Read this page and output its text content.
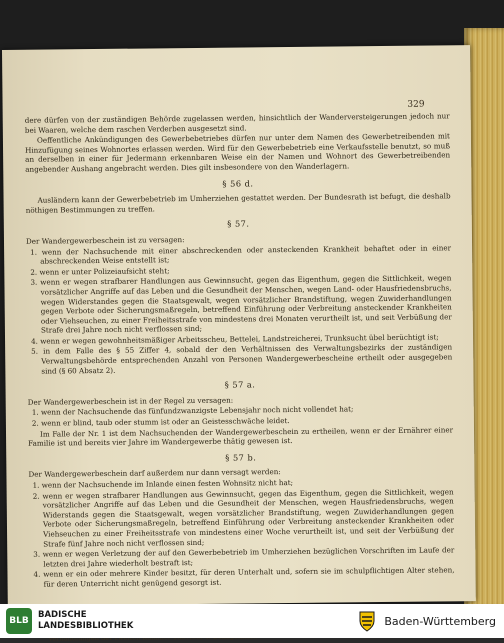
329

dere dürfen von der zuständigen Behörde zugelassen werden, hinsichtlich der Wanderversteigerungen jedoch nur bei Waaren, welche dem raschen Verderben ausgesetzt sind.

Oeffentliche Ankündigungen des Gewerbebetriebes dürfen nur unter dem Namen des Gewerbetreibenden mit Hinzufügung seines Wohnortes erlassen werden. Wird für den Gewerbebetrieb eine Verkaufsstelle benutzt, so muß an derselben in einer für Jedermann erkennbaren Weise ein der Namen und Wohnort des Gewerbetreibenden angebender Aushang angebracht werden. Dies gilt insbesondere von den Wanderlagern.

§ 56 d.

Ausländern kann der Gewerbebetrieb im Umherziehen gestattet werden. Der Bundesrath ist befugt, die deshalb nöthigen Bestimmungen zu treffen.

§ 57.

Der Wandergewerbeschein ist zu versagen:

1. wenn der Nachsuchende mit einer abschreckenden oder ansteckenden Krankheit behaftet oder in einer abschreckenden Weise entstellt ist;

2. wenn er unter Polizeiaufsicht steht;

3. wenn er wegen strafbarer Handlungen aus Gewinnsucht, gegen das Eigenthum, gegen die Sittlichkeit, wegen vorsätzlicher Angriffe auf das Leben und die Gesundheit der Menschen, wegen Land- oder Hausfriedensbruchs, wegen Widerstandes gegen die Staatsgewalt, wegen vorsätzlicher Brandstiftung, wegen Zuwiderhandlungen gegen Verbote oder Sicherungsmaßregeln, betreffend Einführung oder Verbreitung ansteckender Krankheiten oder Viehseuchen, zu einer Freiheitsstrafe von mindestens drei Monaten verurtheilt ist, und seit Verbüßung der Strafe drei Jahre noch nicht verflossen sind;

4. wenn er wegen gewohnheitsmäßiger Arbeitsscheu, Bettelei, Landstreicherei, Trunksucht übel berüchtigt ist;

5. in dem Falle des § 55 Ziffer 4, sobald der den Verhältnissen des Verwaltungsbezirks der zuständigen Verwaltungsbehörde entsprechenden Anzahl von Personen Wandergewerbescheine ertheilt oder ausgegeben sind (§ 60 Absatz 2).

§ 57 a.

Der Wandergewerbeschein ist in der Regel zu versagen:

1. wenn der Nachsuchende das fünfundzwanzigste Lebensjahr noch nicht vollendet hat;

2. wenn er blind, taub oder stumm ist oder an Geistesschwäche leidet.

Im Falle der Nr. 1 ist dem Nachsuchenden der Wandergewerbeschein zu ertheilen, wenn er der Ernährer einer Familie ist und bereits vier Jahre im Wandergewerbe thätig gewesen ist.

§ 57 b.

Der Wandergewerbeschein darf außerdem nur dann versagt werden:

1. wenn der Nachsuchende im Inlande einen festen Wohnsitz nicht hat;

2. wenn er wegen strafbarer Handlungen aus Gewinnsucht, gegen das Eigenthum, gegen die Sittlichkeit, wegen vorsätzlicher Angriffe auf das Leben und die Gesundheit der Menschen, wegen Hausfriedensbruchs, wegen Widerstands gegen die Staatsgewalt, wegen vorsätzlicher Brandstiftung, wegen Zuwiderhandlungen gegen Verbote oder Sicherungsmaßregeln, betreffend Einführung oder Verbreitung ansteckender Krankheiten oder Viehseuchen zu einer Freiheitsstrafe von mindestens einer Woche verurtheilt ist, und seit der Verbüßung der Strafe fünf Jahre noch nicht verflossen sind;

3. wenn er wegen Verletzung der auf den Gewerbebetrieb im Umherziehen bezüglichen Vorschriften im Laufe der letzten drei Jahre wiederholt bestraft ist;

4. wenn er ein oder mehrere Kinder besitzt, für deren Unterhalt und, sofern sie im schulpflichtigen Alter stehen, für deren Unterricht nicht genügend gesorgt ist.

BLB
BADISCHE
LANDESBIBLIOTHEK	Baden-Württemberg
